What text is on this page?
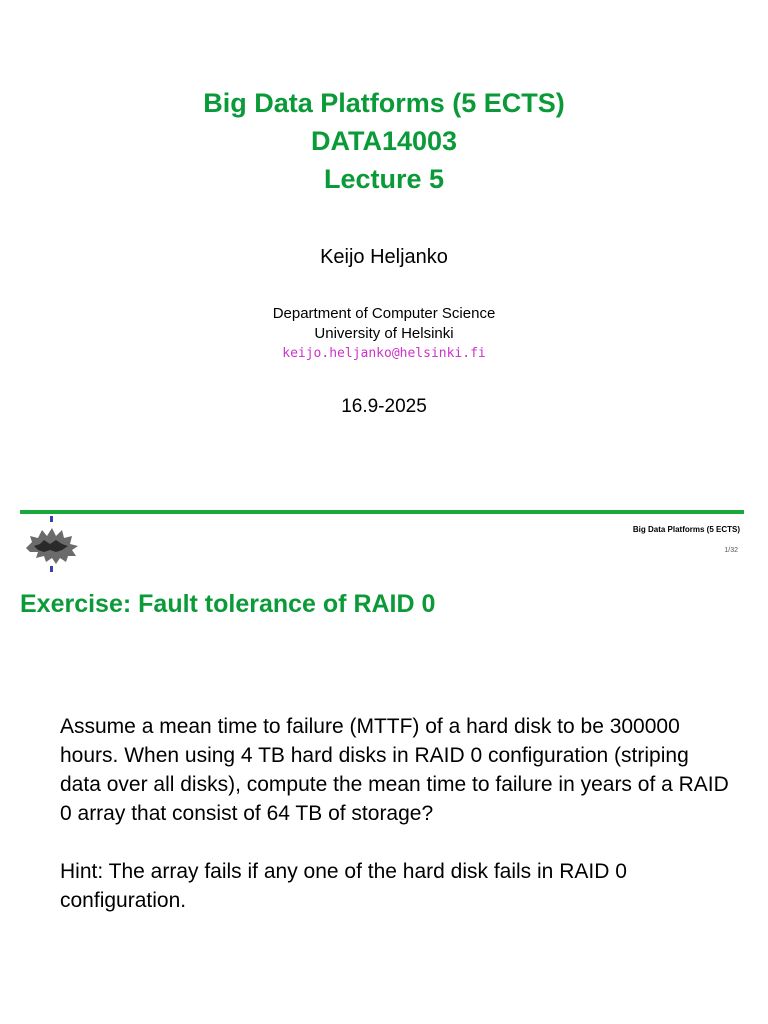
Big Data Platforms (5 ECTS)
DATA14003
Lecture 5
Keijo Heljanko
Department of Computer Science
University of Helsinki
keijo.heljanko@helsinki.fi
16.9-2025
Big Data Platforms (5 ECTS)
1/32
Exercise: Fault tolerance of RAID 0

Assume a mean time to failure (MTTF) of a hard disk to be 300000 hours. When using 4 TB hard disks in RAID 0 configuration (striping data over all disks), compute the mean time to failure in years of a RAID 0 array that consist of 64 TB of storage?

Hint: The array fails if any one of the hard disk fails in RAID 0 configuration.
